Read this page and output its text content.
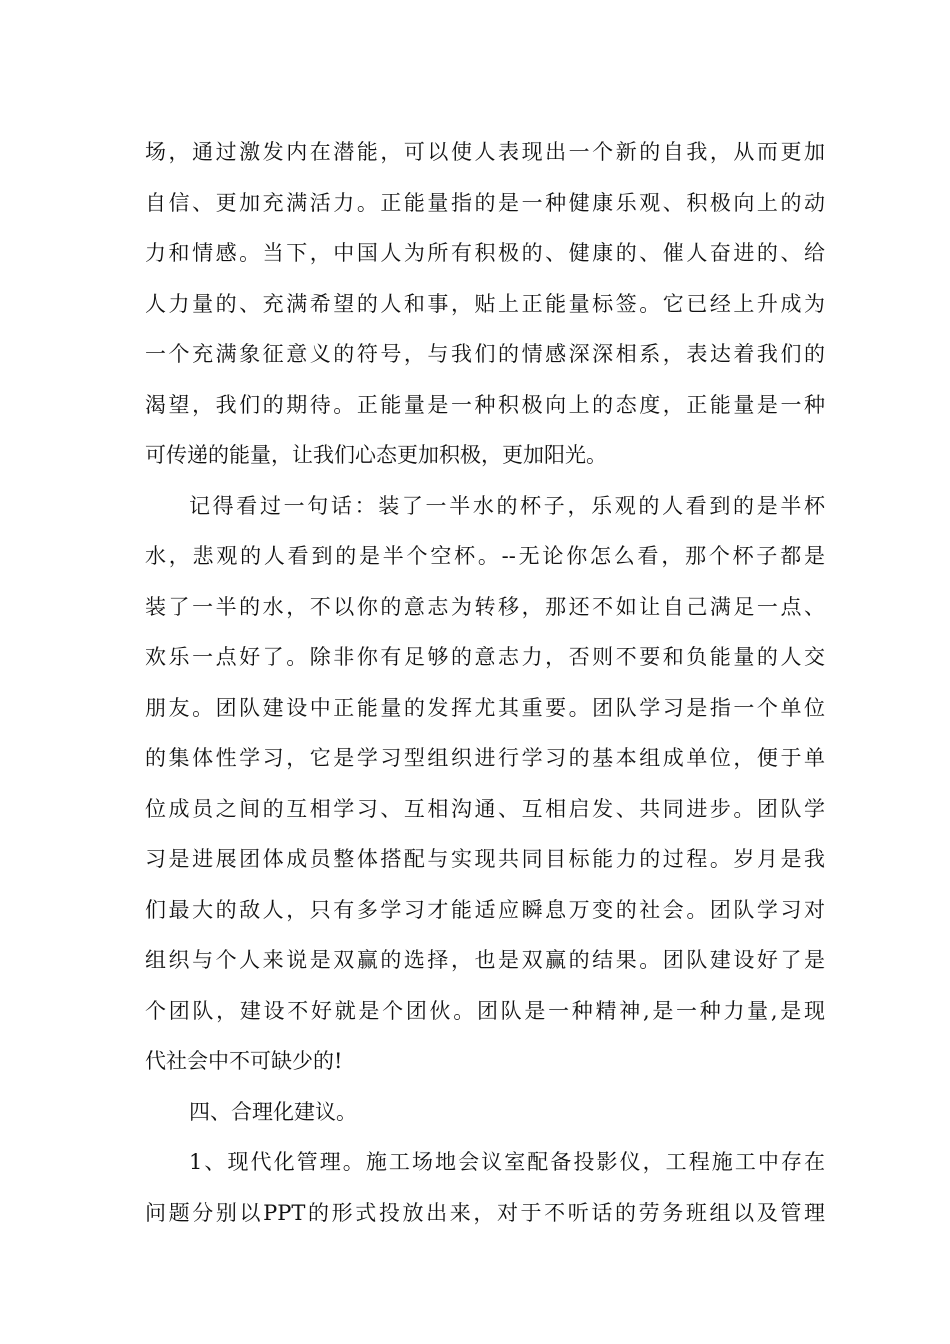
场，通过激发内在潜能，可以使人表现出一个新的自我，从而更加
自信、更加充满活力。正能量指的是一种健康乐观、积极向上的动
力和情感。当下，中国人为所有积极的、健康的、催人奋进的、给
人力量的、充满希望的人和事，贴上正能量标签。它已经上升成为
一个充满象征意义的符号，与我们的情感深深相系，表达着我们的
渴望，我们的期待。正能量是一种积极向上的态度，正能量是一种
可传递的能量，让我们心态更加积极，更加阳光。
记得看过一句话：装了一半水的杯子，乐观的人看到的是半杯
水，悲观的人看到的是半个空杯。--无论你怎么看，那个杯子都是
装了一半的水，不以你的意志为转移，那还不如让自己满足一点、
欢乐一点好了。除非你有足够的意志力，否则不要和负能量的人交
朋友。团队建设中正能量的发挥尤其重要。团队学习是指一个单位
的集体性学习，它是学习型组织进行学习的基本组成单位，便于单
位成员之间的互相学习、互相沟通、互相启发、共同进步。团队学
习是进展团体成员整体搭配与实现共同目标能力的过程。岁月是我
们最大的敌人，只有多学习才能适应瞬息万变的社会。团队学习对
组织与个人来说是双赢的选择，也是双赢的结果。团队建设好了是
个团队，建设不好就是个团伙。团队是一种精神,是一种力量,是现
代社会中不可缺少的!
四、合理化建议。
1、现代化管理。施工场地会议室配备投影仪，工程施工中存在
问题分别以PPT的形式投放出来，对于不听话的劳务班组以及管理
